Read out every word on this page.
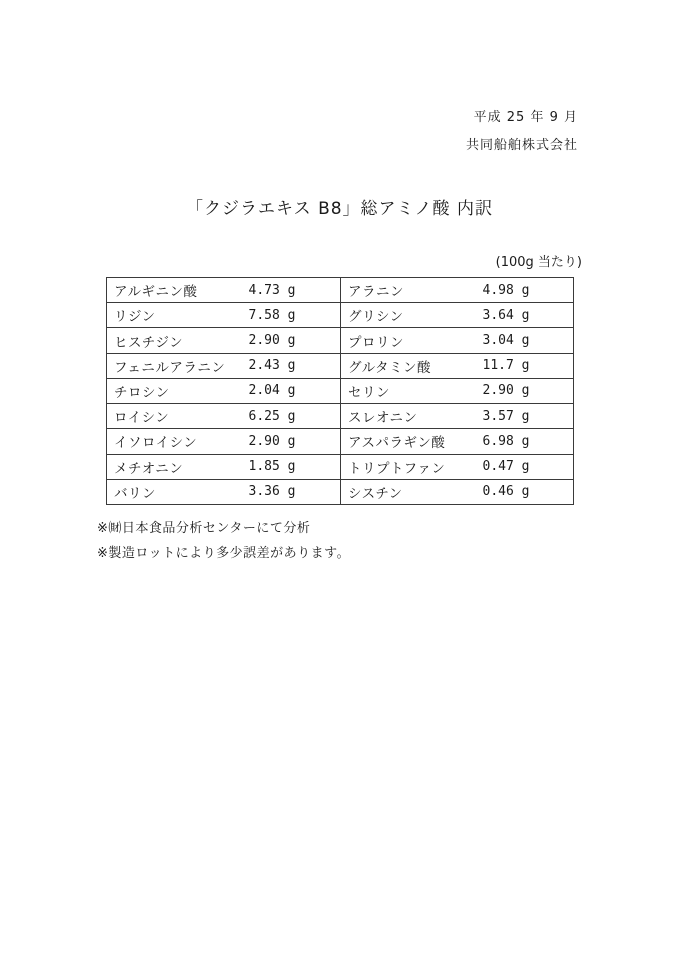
平成 25 年 9 月
共同船舶株式会社
「クジラエキス B8」総アミノ酸 内訳
(100g 当たり)
アルギニン酸	4.73 g	アラニン	4.98 g
リジン	7.58 g	グリシン	3.64 g
ヒスチジン	2.90 g	プロリン	3.04 g
フェニルアラニン	2.43 g	グルタミン酸	11.7 g
チロシン	2.04 g	セリン	2.90 g
ロイシン	6.25 g	スレオニン	3.57 g
イソロイシン	2.90 g	アスパラギン酸	6.98 g
メチオニン	1.85 g	トリプトファン	0.47 g
バリン	3.36 g	シスチン	0.46 g
※㈶日本食品分析センターにて分析
※製造ロットにより多少誤差があります。
